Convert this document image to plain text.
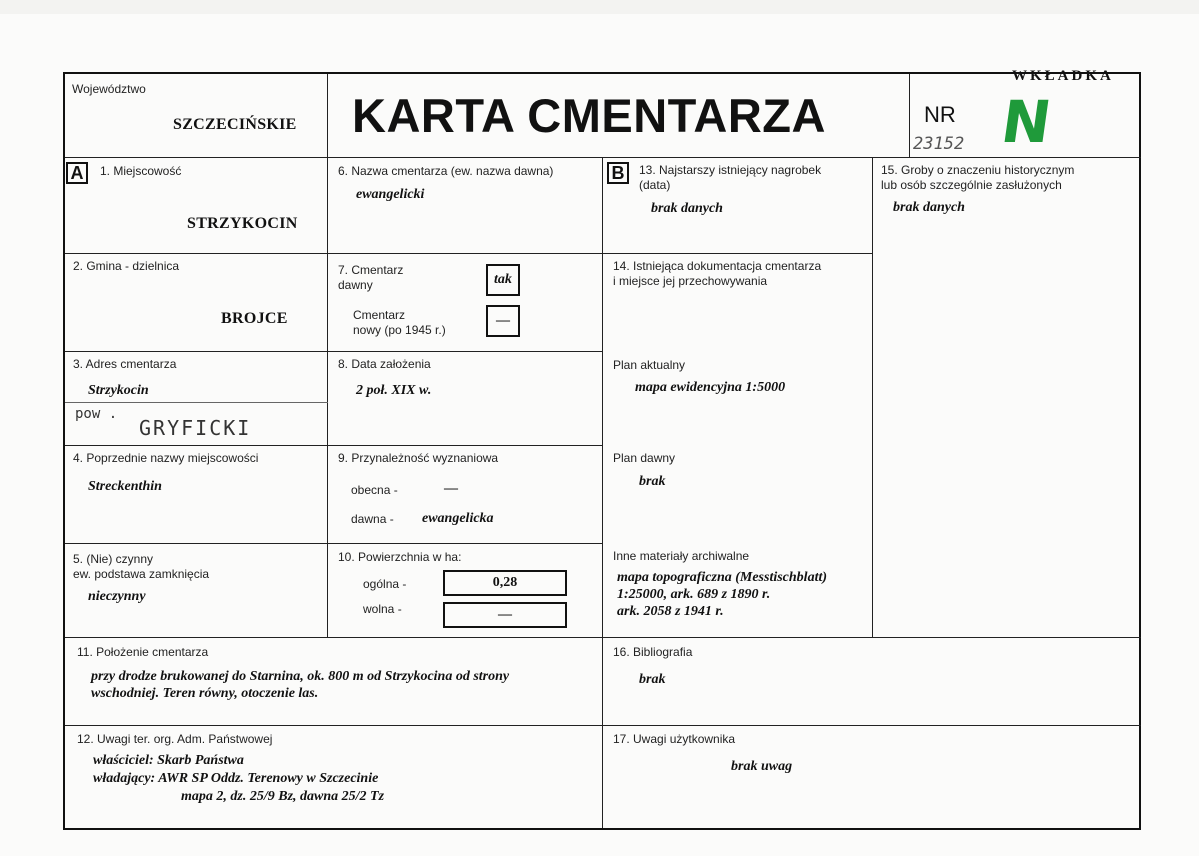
WKŁADKA
Województwo
SZCZECIŃSKIE KARTA CMENTARZA	NR
23152 N
A	1. Miejscowość
STRZYKOCIN
2. Gmina - dzielnica
BROJCE
3. Adres cmentarza
Strzykocin
pow .
GRYFICKI
4. Poprzednie nazwy miejscowości
Streckenthin
5. (Nie) czynny
ew. podstawa zamknięcia
nieczynny
6. Nazwa cmentarza (ew. nazwa dawna)
ewangelicki
7. Cmentarz
dawny	tak
Cmentarz
nowy (po 1945 r.)
—
8. Data założenia
2 poł. XIX w.
9. Przynależność wyznaniowa
obecna -	—
dawna - ewangelicka
10. Powierzchnia w ha:
ogólna -	0,28
wolna -	—
B	13. Najstarszy istniejący nagrobek
(data)
brak danych
14. Istniejąca dokumentacja cmentarza
i miejsce jej przechowywania
Plan aktualny
mapa ewidencyjna 1:5000
Plan dawny
brak
Inne materiały archiwalne
mapa topograficzna (Messtischblatt)
1:25000, ark. 689 z 1890 r.
ark. 2058 z 1941 r.
15. Groby o znaczeniu historycznym
lub osób szczególnie zasłużonych
brak danych
11. Położenie cmentarza
przy drodze brukowanej do Starnina, ok. 800 m od Strzykocina od strony
wschodniej. Teren równy, otoczenie las.
16. Bibliografia
brak
12. Uwagi ter. org. Adm. Państwowej
właściciel: Skarb Państwa
władający: AWR SP Oddz. Terenowy w Szczecinie
mapa 2, dz. 25/9 Bz, dawna 25/2 Tz
17. Uwagi użytkownika
brak uwag
